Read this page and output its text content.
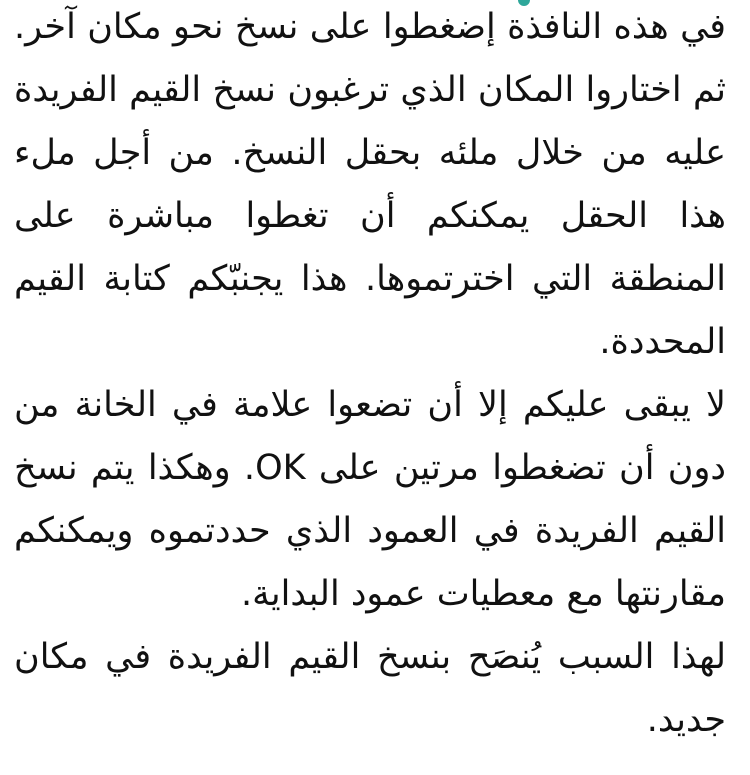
في هذه النافذة إضغطوا على نسخ نحو مكان آخر. ثم اختاروا المكان الذي ترغبون نسخ القيم الفريدة عليه من خلال ملئه بحقل النسخ. من أجل ملء هذا الحقل يمكنكم أن تغطوا مباشرة على المنطقة التي اخترتموها. هذا يجنبّكم كتابة القيم المحددة.

لا يبقى عليكم إلا أن تضعوا علامة في الخانة من دون أن تضغطوا مرتين على OK. وهكذا يتم نسخ القيم الفريدة في العمود الذي حددتموه ويمكنكم مقارنتها مع معطيات عمود البداية.

لهذا السبب يُنصَح بنسخ القيم الفريدة في مكان جديد.
